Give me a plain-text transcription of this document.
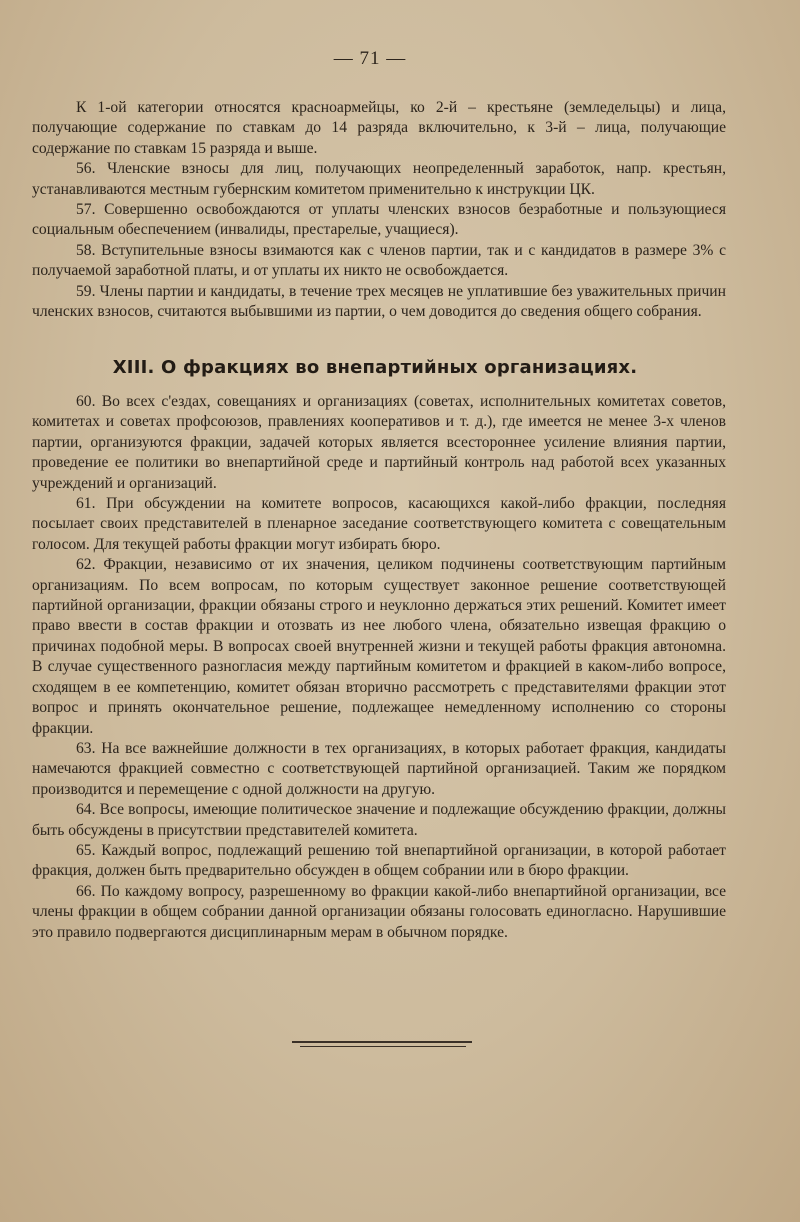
— 71 —

К 1-ой категории относятся красноармейцы, ко 2-й – крестьяне (земледельцы) и лица, получающие содержание по ставкам до 14 разряда включительно, к 3-й – лица, получающие содержание по ставкам 15 разряда и выше.

56. Членские взносы для лиц, получающих неопределенный заработок, напр. крестьян, устанавливаются местным губернским комитетом применительно к инструкции ЦК.

57. Совершенно освобождаются от уплаты членских взносов безработные и пользующиеся социальным обеспечением (инвалиды, престарелые, учащиеся).

58. Вступительные взносы взимаются как с членов партии, так и с кандидатов в размере 3% с получаемой заработной платы, и от уплаты их никто не освобождается.

59. Члены партии и кандидаты, в течение трех месяцев не уплатившие без уважительных причин членских взносов, считаются выбывшими из партии, о чем доводится до сведения общего собрания.

XIII. О фракциях во внепартийных организациях.

60. Во всех с'ездах, совещаниях и организациях (советах, исполнительных комитетах советов, комитетах и советах профсоюзов, правлениях кооперативов и т. д.), где имеется не менее 3-х членов партии, организуются фракции, задачей которых является всестороннее усиление влияния партии, проведение ее политики во внепартийной среде и партийный контроль над работой всех указанных учреждений и организаций.

61. При обсуждении на комитете вопросов, касающихся какой-либо фракции, последняя посылает своих представителей в пленарное заседание соответствующего комитета с совещательным голосом. Для текущей работы фракции могут избирать бюро.

62. Фракции, независимо от их значения, целиком подчинены соответствующим партийным организациям. По всем вопросам, по которым существует законное решение соответствующей партийной организации, фракции обязаны строго и неуклонно держаться этих решений. Комитет имеет право ввести в состав фракции и отозвать из нее любого члена, обязательно извещая фракцию о причинах подобной меры. В вопросах своей внутренней жизни и текущей работы фракция автономна. В случае существенного разногласия между партийным комитетом и фракцией в каком-либо вопросе, сходящем в ее компетенцию, комитет обязан вторично рассмотреть с представителями фракции этот вопрос и принять окончательное решение, подлежащее немедленному исполнению со стороны фракции.

63. На все важнейшие должности в тех организациях, в которых работает фракция, кандидаты намечаются фракцией совместно с соответствующей партийной организацией. Таким же порядком производится и перемещение с одной должности на другую.

64. Все вопросы, имеющие политическое значение и подлежащие обсуждению фракции, должны быть обсуждены в присутствии представителей комитета.

65. Каждый вопрос, подлежащий решению той внепартийной организации, в которой работает фракция, должен быть предварительно обсужден в общем собрании или в бюро фракции.

66. По каждому вопросу, разрешенному во фракции какой-либо внепартийной организации, все члены фракции в общем собрании данной организации обязаны голосовать единогласно. Нарушившие это правило подвергаются дисциплинарным мерам в обычном порядке.
